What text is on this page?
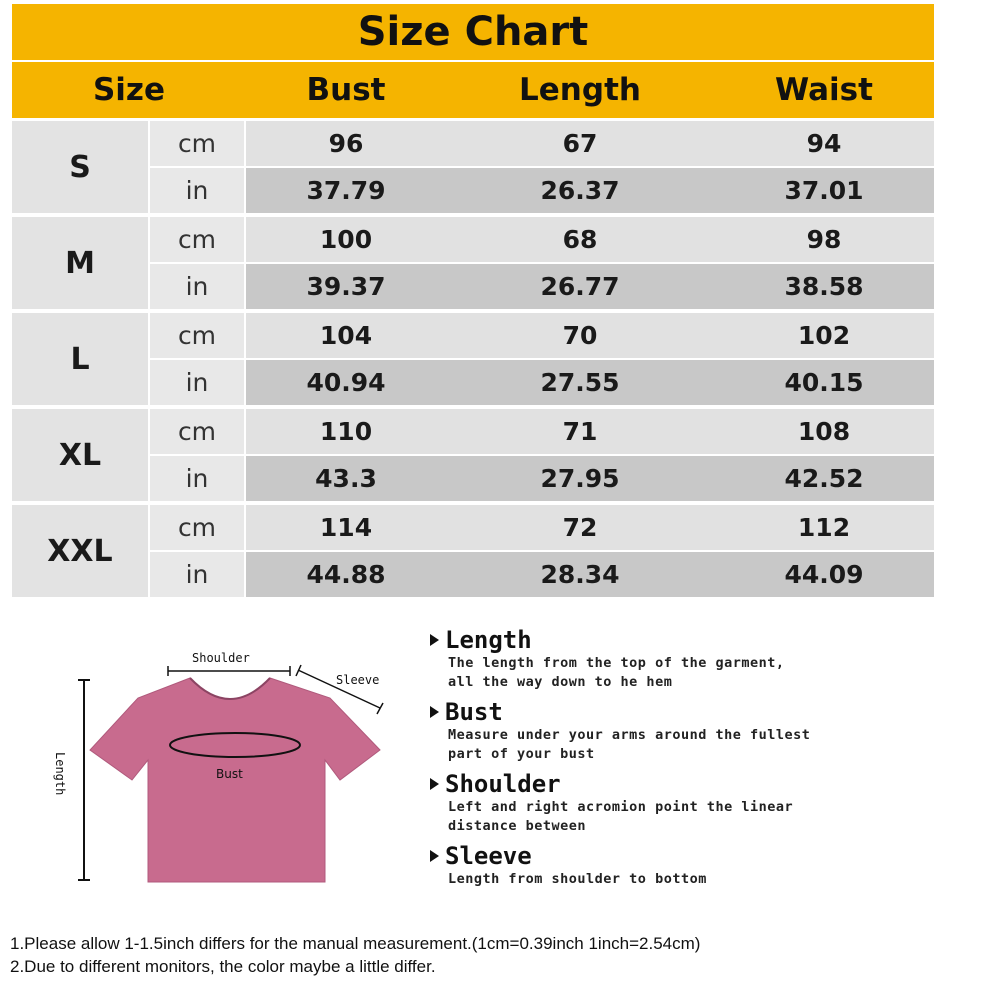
Size Chart
Size	Bust	Length	Waist
S
cm	96	67	94
in	37.79	26.37	37.01
M
cm	100	68	98
in	39.37	26.77	38.58
L
cm	104	70	102
in	40.94	27.55	40.15
XL
cm	110	71	108
in	43.3	27.95	42.52
XXL
cm	114	72	112
in	44.88	28.34	44.09
Shoulder
Sleeve
Bust
Length
Length
The length from the top of the garment,
all the way down to he hem
Bust
Measure under your arms around the fullest
part of your bust
Shoulder
Left and right acromion point the linear
distance between
Sleeve
Length from shoulder to bottom
1.Please allow 1-1.5inch differs for the manual measurement.(1cm=0.39inch 1inch=2.54cm)
2.Due to different monitors, the color maybe a little differ.
